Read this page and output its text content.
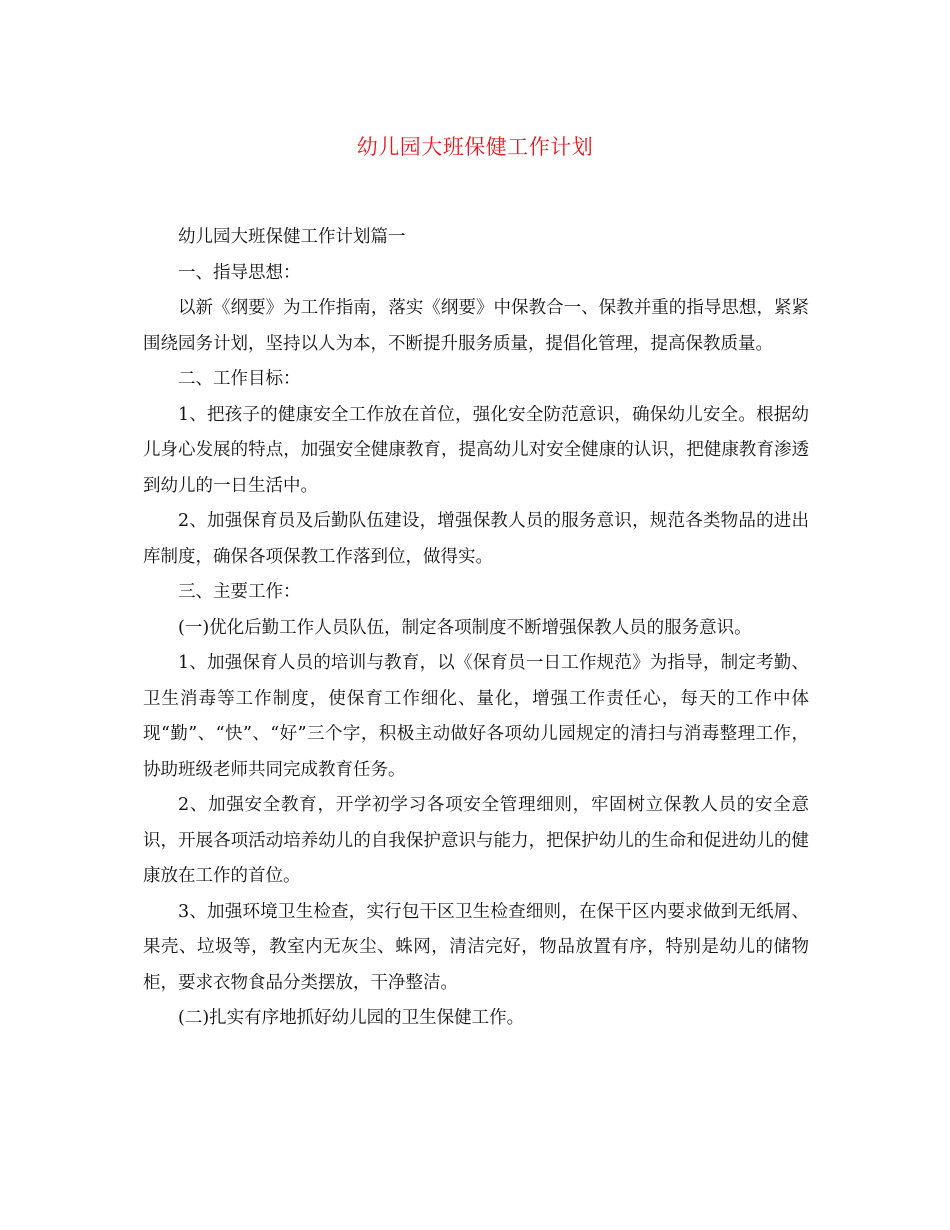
幼儿园大班保健工作计划

幼儿园大班保健工作计划篇一

一、指导思想：

以新《纲要》为工作指南，落实《纲要》中保教合一、保教并重的指导思想，紧紧围绕园务计划，坚持以人为本，不断提升服务质量，提倡化管理，提高保教质量。

二、工作目标：

1、把孩子的健康安全工作放在首位，强化安全防范意识，确保幼儿安全。根据幼儿身心发展的特点，加强安全健康教育，提高幼儿对安全健康的认识，把健康教育渗透到幼儿的一日生活中。

2、加强保育员及后勤队伍建设，增强保教人员的服务意识，规范各类物品的进出库制度，确保各项保教工作落到位，做得实。

三、主要工作：

(一)优化后勤工作人员队伍，制定各项制度不断增强保教人员的服务意识。

1、加强保育人员的培训与教育，以《保育员一日工作规范》为指导，制定考勤、卫生消毒等工作制度，使保育工作细化、量化，增强工作责任心，每天的工作中体现“勤”、“快”、“好”三个字，积极主动做好各项幼儿园规定的清扫与消毒整理工作，协助班级老师共同完成教育任务。

2、加强安全教育，开学初学习各项安全管理细则，牢固树立保教人员的安全意识，开展各项活动培养幼儿的自我保护意识与能力，把保护幼儿的生命和促进幼儿的健康放在工作的首位。

3、加强环境卫生检查，实行包干区卫生检查细则，在保干区内要求做到无纸屑、果壳、垃圾等，教室内无灰尘、蛛网，清洁完好，物品放置有序，特别是幼儿的储物柜，要求衣物食品分类摆放，干净整洁。

(二)扎实有序地抓好幼儿园的卫生保健工作。
